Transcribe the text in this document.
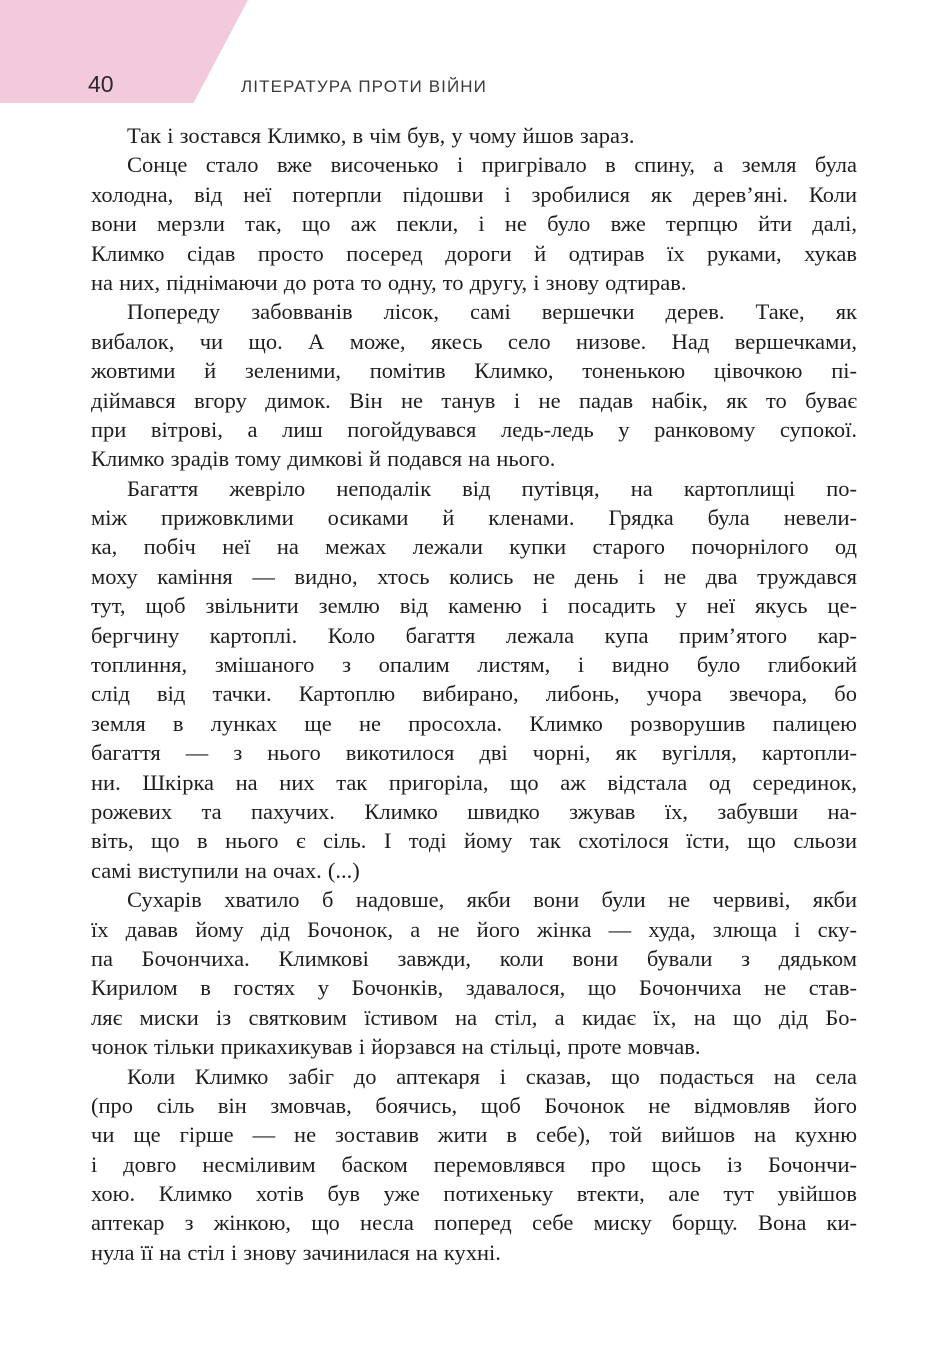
40	ЛІТЕРАТУРА ПРОТИ ВІЙНИ
Так і зостався Климко, в чім був, у чому йшов зараз.
Сонце стало вже височенько і пригрівало в спину, а земля була
холодна, від неї потерпли підошви і зробилися як дерев’яні. Коли
вони мерзли так, що аж пекли, і не було вже терпцю йти далі,
Климко сідав просто посеред дороги й одтирав їх руками, хукав
на них, піднімаючи до рота то одну, то другу, і знову одтирав.
Попереду забовванів лісок, самі вершечки дерев. Таке, як
вибалок, чи що. А може, якесь село низове. Над вершечками,
жовтими й зеленими, помітив Климко, тоненькою цівочкою пі-
діймався вгору димок. Він не танув і не падав набік, як то буває
при вітрові, а лиш погойдувався ледь-ледь у ранковому супокої.
Климко зрадів тому димкові й подався на нього.
Багаття жевріло неподалік від путівця, на картоплищі по-
між прижовклими осиками й кленами. Грядка була невели-
ка, побіч неї на межах лежали купки старого почорнілого од
моху каміння — видно, хтось колись не день і не два труждався
тут, щоб звільнити землю від каменю і посадить у неї якусь це-
бергчину картоплі. Коло багаття лежала купа прим’ятого кар-
топлиння, змішаного з опалим листям, і видно було глибокий
слід від тачки. Картоплю вибирано, либонь, учора звечора, бо
земля в лунках ще не просохла. Климко розворушив палицею
багаття — з нього викотилося дві чорні, як вугілля, картопли-
ни. Шкірка на них так пригоріла, що аж відстала од серединок,
рожевих та пахучих. Климко швидко зжував їх, забувши на-
віть, що в нього є сіль. І тоді йому так схотілося їсти, що сльози
самі виступили на очах. (...)
Сухарів хватило б надовше, якби вони були не червиві, якби
їх давав йому дід Бочонок, а не його жінка — худа, злюща і ску-
па Бочончиха. Климкові завжди, коли вони бували з дядьком
Кирилом в гостях у Бочонків, здавалося, що Бочончиха не став-
ляє миски із святковим їстивом на стіл, а кидає їх, на що дід Бо-
чонок тільки прикахикував і йорзався на стільці, проте мовчав.
Коли Климко забіг до аптекаря і сказав, що подасться на села
(про сіль він змовчав, боячись, щоб Бочонок не відмовляв його
чи ще гірше — не зоставив жити в себе), той вийшов на кухню
і довго несміливим баском перемовлявся про щось із Бочончи-
хою. Климко хотів був уже потихеньку втекти, але тут увійшов
аптекар з жінкою, що несла поперед себе миску борщу. Вона ки-
нула її на стіл і знову зачинилася на кухні.
